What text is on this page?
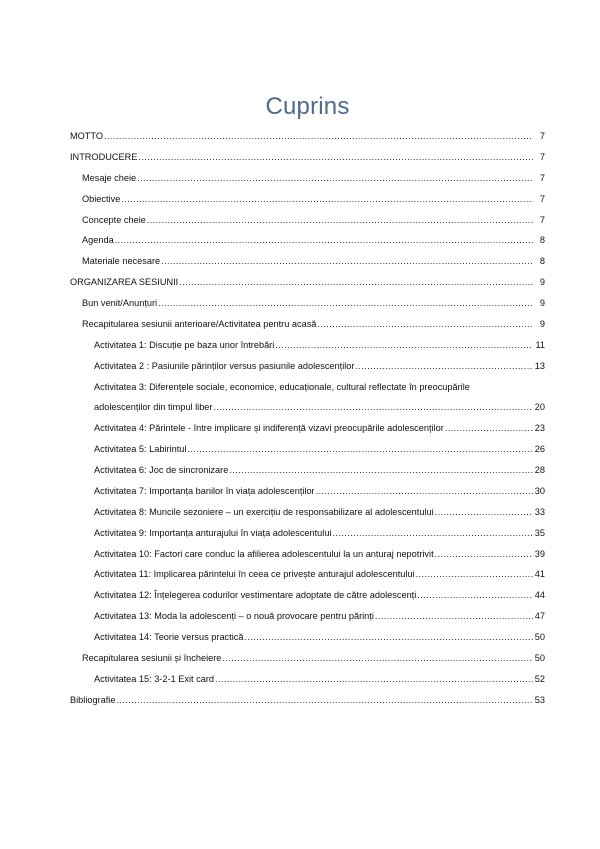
Cuprins
MOTTO .....	7
INTRODUCERE .....	7
Mesaje cheie .....	7
Obiective .....	7
Concepte cheie .....	7
Agenda .....	8
Materiale necesare .....	8
ORGANIZAREA SESIUNII .....	9
Bun venit/Anunțuri .....	9
Recapitularea sesiunii anterioare/Activitatea pentru acasă .....	9
Activitatea 1: Discuție pe baza unor întrebări .....	11
Activitatea 2 : Pasiunile părinților versus pasiunile adolescenților .....	13
Activitatea 3: Diferențele sociale, economice, educaționale, cultural reflectate în preocupările
adolescenților din timpul liber .....	20
Activitatea 4: Părintele - între implicare și indiferență vizavi preocupările adolescenților .....	23
Activitatea 5: Labirintul .....	26
Activitatea 6: Joc de sincronizare .....	28
Activitatea 7: Importanța banilor în viața adolescenților .....	30
Activitatea 8: Muncile sezoniere – un exercițiu de responsabilizare al adolescentului .....	33
Activitatea 9: Importanța anturajului în viața adolescentului .....	35
Activitatea 10: Factori care conduc la afilierea adolescentului la un anturaj nepotrivit .....	39
Activitatea 11: Implicarea părintelui în ceea ce privește anturajul adolescentului .....	41
Activitatea 12: Înțelegerea codurilor vestimentare adoptate de către adolescenți .....	44
Activitatea 13: Moda la adolescenți – o nouă provocare pentru părinți .....	47
Activitatea 14: Teorie versus practică .....	50
Recapitularea sesiunii și încheiere .....	50
Activitatea 15: 3-2-1 Exit card .....	52
Bibliografie .....	53
